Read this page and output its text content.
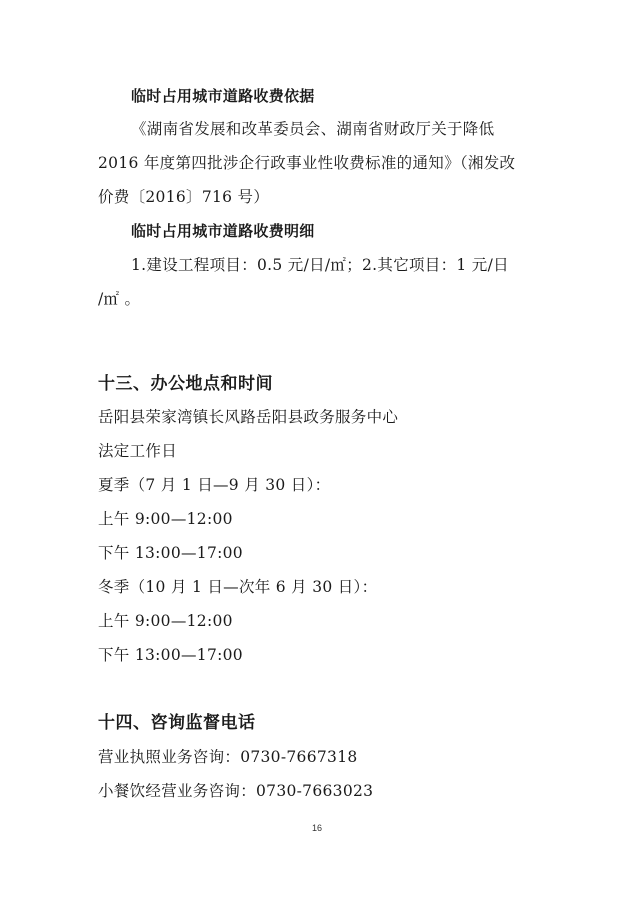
临时占用城市道路收费依据
《湖南省发展和改革委员会、湖南省财政厅关于降低
2016 年度第四批涉企行政事业性收费标准的通知》（湘发改
价费〔2016〕716 号）
临时占用城市道路收费明细
1.建设工程项目：0.5 元/日/㎡；2.其它项目：1 元/日
/㎡ 。
十三、办公地点和时间
岳阳县荣家湾镇长风路岳阳县政务服务中心
法定工作日
夏季（7 月 1 日—9 月 30 日）：
上午 9:00—12:00
下午 13:00—17:00
冬季（10 月 1 日—次年 6 月 30 日）：
上午 9:00—12:00
下午 13:00—17:00
十四、咨询监督电话
营业执照业务咨询：0730-7667318
小餐饮经营业务咨询：0730-7663023
16
